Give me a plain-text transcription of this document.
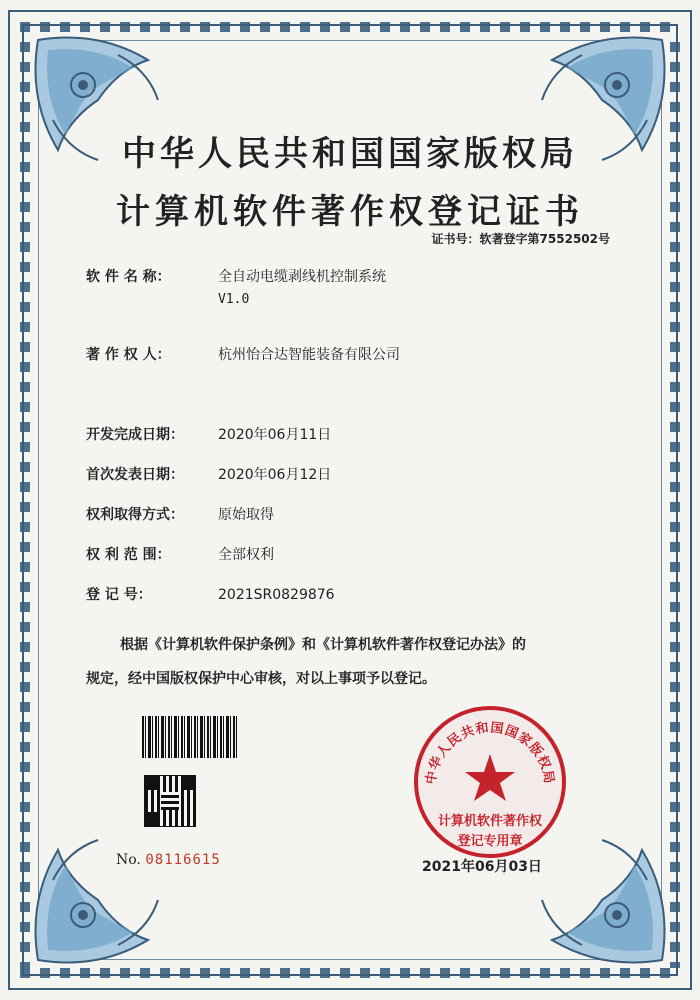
中华人民共和国国家版权局
计算机软件著作权登记证书
证书号：软著登字第7552502号
软 件 名 称：	全自动电缆剥线机控制系统
V1.0
著 作 权 人：	杭州怡合达智能装备有限公司
开发完成日期：	2020年06月11日
首次发表日期：	2020年06月12日
权利取得方式：	原始取得
权 利 范 围：	全部权利
登 记 号：	2021SR0829876
根据《计算机软件保护条例》和《计算机软件著作权登记办法》的
规定，经中国版权保护中心审核，对以上事项予以登记。
No. 08116615
中华人民共和国国家版权局
计算机软件著作权
登记专用章
2021年06月03日
